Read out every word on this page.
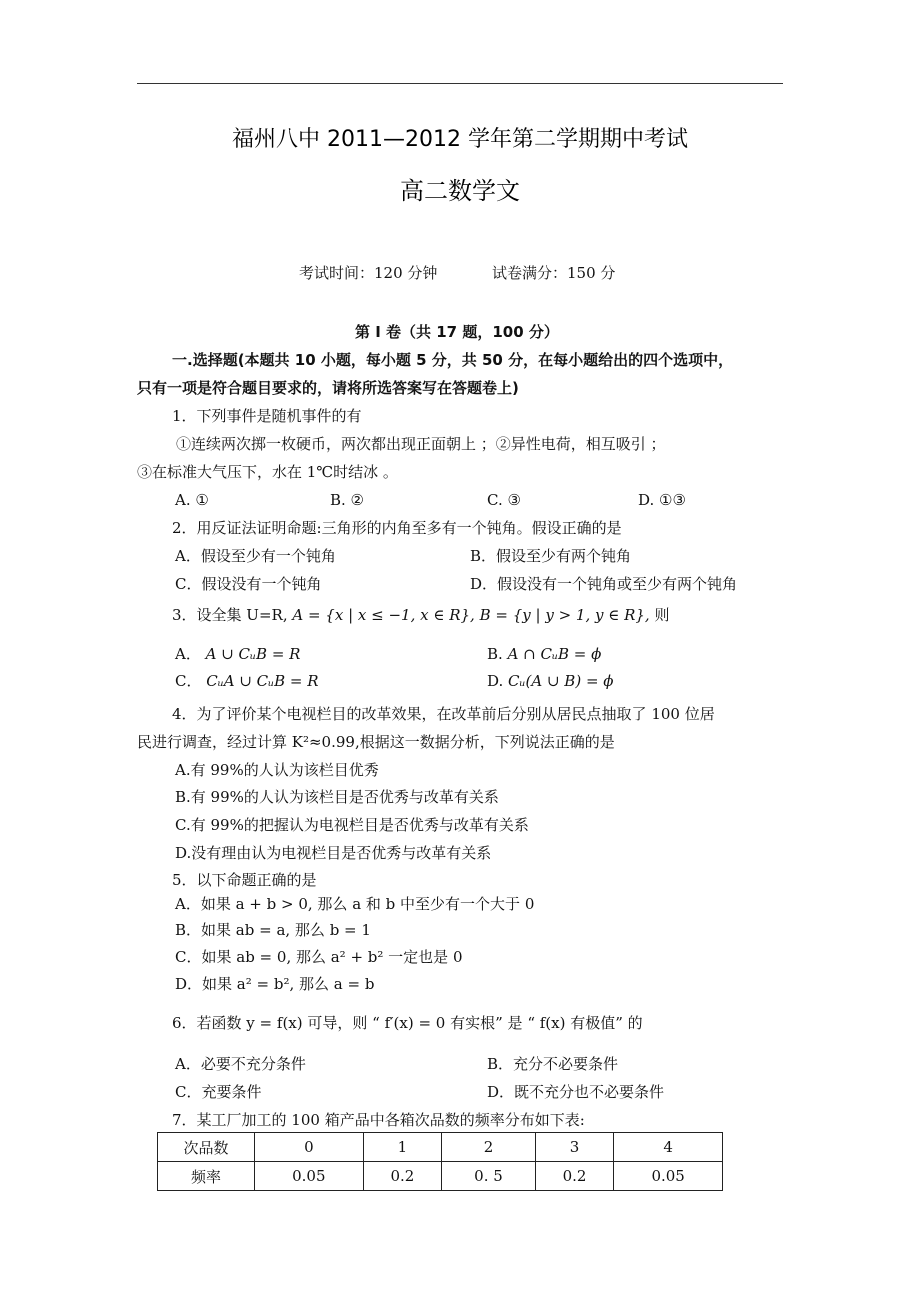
福州八中 2011—2012 学年第二学期期中考试
高二数学文
考试时间：120 分钟	试卷满分：150 分
第 I 卷（共 17 题，100 分）
一.选择题(本题共 10 小题，每小题 5 分，共 50 分，在每小题给出的四个选项中，
只有一项是符合题目要求的，请将所选答案写在答题卷上)
1．下列事件是随机事件的有
①连续两次掷一枚硬币，两次都出现正面朝上 ；②异性电荷，相互吸引 ；
③在标准大气压下，水在 1℃时结冰 。
A. ①	B. ②	C. ③	D. ①③
2．用反证法证明命题:三角形的内角至多有一个钝角。假设正确的是
A．假设至少有一个钝角	B．假设至少有两个钝角
C．假设没有一个钝角	D．假设没有一个钝角或至少有两个钝角
3．设全集 U=R, A = {x | x ≤ −1, x ∈ R}, B = {y | y > 1, y ∈ R}, 则
A． A ∪ CᵤB = R	B. A ∩ CᵤB = ϕ
C． CᵤA ∪ CᵤB = R	D. Cᵤ(A ∪ B) = ϕ
4．为了评价某个电视栏目的改革效果，在改革前后分别从居民点抽取了 100 位居
民进行调查，经过计算 K²≈0.99,根据这一数据分析，下列说法正确的是
A.有 99%的人认为该栏目优秀
B.有 99%的人认为该栏目是否优秀与改革有关系
C.有 99%的把握认为电视栏目是否优秀与改革有关系
D.没有理由认为电视栏目是否优秀与改革有关系
5．以下命题正确的是
A．如果 a + b > 0, 那么 a 和 b 中至少有一个大于 0
B．如果 ab = a, 那么 b = 1
C．如果 ab = 0, 那么 a² + b² 一定也是 0
D．如果 a² = b², 那么 a = b
6．若函数 y = f(x) 可导，则 “ f′(x) = 0 有实根” 是 “ f(x) 有极值” 的
A．必要不充分条件	B．充分不必要条件
C．充要条件	D．既不充分也不必要条件
7．某工厂加工的 100 箱产品中各箱次品数的频率分布如下表:
次品数	0	1	2	3	4
频率	0.05	0.2	0. 5	0.2	0.05
